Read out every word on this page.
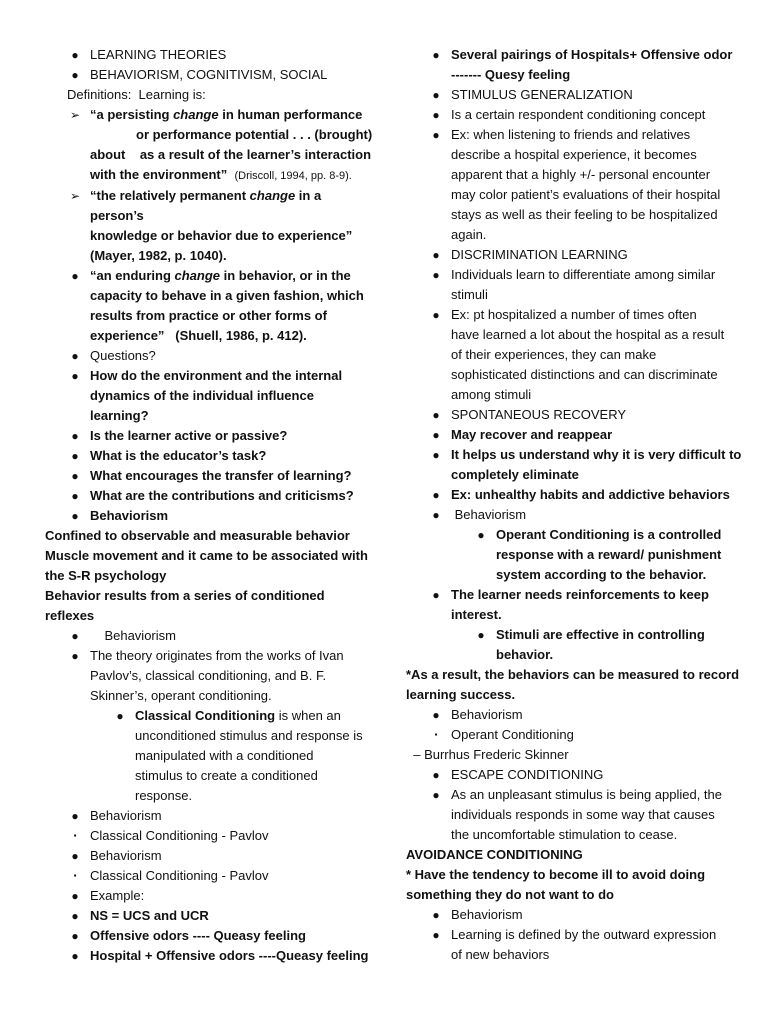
● LEARNING THEORIES
● BEHAVIORISM, COGNITIVISM, SOCIAL
Definitions:  Learning is:
➢ “a persisting change in human performance
or performance potential . . . (brought)
about    as a result of the learner’s interaction
with the environment” (Driscoll, 1994, pp. 8-9).
➢ “the relatively permanent change in a person’s
knowledge or behavior due to experience”
(Mayer, 1982, p. 1040).
● “an enduring change in behavior, or in the
capacity to behave in a given fashion, which
results from practice or other forms of
experience”   (Shuell, 1986, p. 412).
● Questions?
● How do the environment and the internal
dynamics of the individual influence learning?
● Is the learner active or passive?
● What is the educator’s task?
● What encourages the transfer of learning?
● What are the contributions and criticisms?
● Behaviorism
Confined to observable and measurable behavior
Muscle movement and it came to be associated with
the S-R psychology
Behavior results from a series of conditioned reflexes
● Behaviorism
● The theory originates from the works of Ivan
Pavlov’s, classical conditioning, and B. F.
Skinner’s, operant conditioning.
● Classical Conditioning is when an
unconditioned stimulus and response is
manipulated with a conditioned
stimulus to create a conditioned
response.
● Behaviorism
▪	Classical Conditioning - Pavlov
● Behaviorism
▪	Classical Conditioning - Pavlov
● Example:
● NS = UCS and UCR
● Offensive odors ---- Queasy feeling
● Hospital + Offensive odors ----Queasy feeling
● Several pairings of Hospitals+ Offensive odor
------- Quesy feeling
● STIMULUS GENERALIZATION
● Is a certain respondent conditioning concept
● Ex: when listening to friends and relatives
describe a hospital experience, it becomes
apparent that a highly +/- personal encounter
may color patient’s evaluations of their hospital
stays as well as their feeling to be hospitalized
again.
● DISCRIMINATION LEARNING
● Individuals learn to differentiate among similar
stimuli
● Ex: pt hospitalized a number of times often
have learned a lot about the hospital as a result
of their experiences, they can make
sophisticated distinctions and can discriminate
among stimuli
● SPONTANEOUS RECOVERY
● May recover and reappear
● It helps us understand why it is very difficult to
completely eliminate
● Ex: unhealthy habits and addictive behaviors
● Behaviorism
● Operant Conditioning is a controlled
response with a reward/ punishment
system according to the behavior.
● The learner needs reinforcements to keep
interest.
● Stimuli are effective in controlling
behavior.
*As a result, the behaviors can be measured to record
learning success.
● Behaviorism
▪	Operant Conditioning
– Burrhus Frederic Skinner
● ESCAPE CONDITIONING
● As an unpleasant stimulus is being applied, the
individuals responds in some way that causes
the uncomfortable stimulation to cease.
AVOIDANCE CONDITIONING
* Have the tendency to become ill to avoid doing
something they do not want to do
● Behaviorism
● Learning is defined by the outward expression
of new behaviors
